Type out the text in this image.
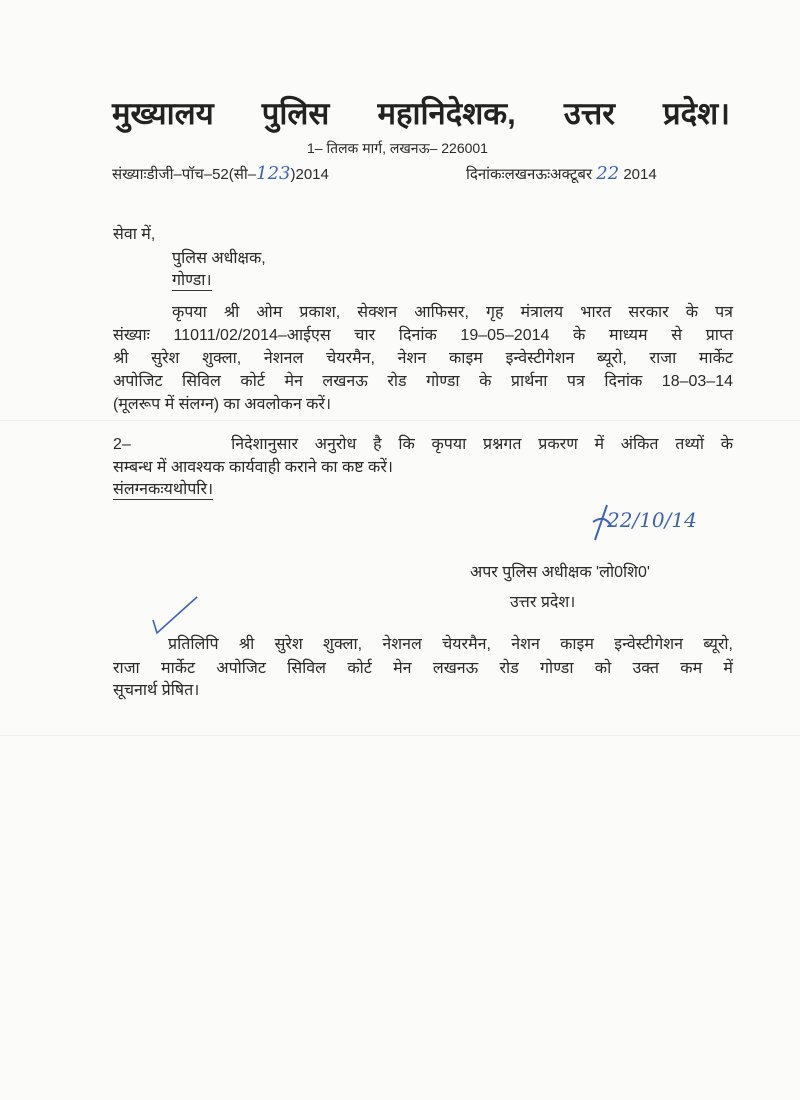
मुख्यालय पुलिस महानिदेशक, उत्तर प्रदेश।
1– तिलक मार्ग, लखनऊ– 226001
संख्याःडीजी–पॉच–52(सी–123)2014	दिनांकःलखनऊःअक्टूबर 22 2014
सेवा में,
पुलिस अधीक्षक,
गोण्डा।
कृपया श्री ओम प्रकाश, सेक्शन आफिसर, गृह मंत्रालय भारत सरकार के पत्र
संख्याः 11011/02/2014–आईएस चार दिनांक 19–05–2014 के माध्यम से प्राप्त
श्री सुरेश शुक्ला, नेशनल चेयरमैन, नेशन काइम इन्वेस्टीगेशन ब्यूरो, राजा मार्केट
अपोजिट सिविल कोर्ट मेन लखनऊ रोड गोण्डा के प्रार्थना पत्र दिनांक 18–03–14
(मूलरूप में संलग्न) का अवलोकन करें।
2–      निदेशानुसार अनुरोध है कि कृपया प्रश्नगत प्रकरण में अंकित तथ्यों के
सम्बन्ध में आवश्यक कार्यवाही कराने का कष्ट करें।
संलग्नकःयथोपरि।
22/10/14
अपर पुलिस अधीक्षक 'लो0शि0'
उत्तर प्रदेश।
प्रतिलिपि श्री सुरेश शुक्ला, नेशनल चेयरमैन, नेशन काइम इन्वेस्टीगेशन ब्यूरो,
राजा मार्केट अपोजिट सिविल कोर्ट मेन लखनऊ रोड गोण्डा को उक्त कम में
सूचनार्थ प्रेषित।
